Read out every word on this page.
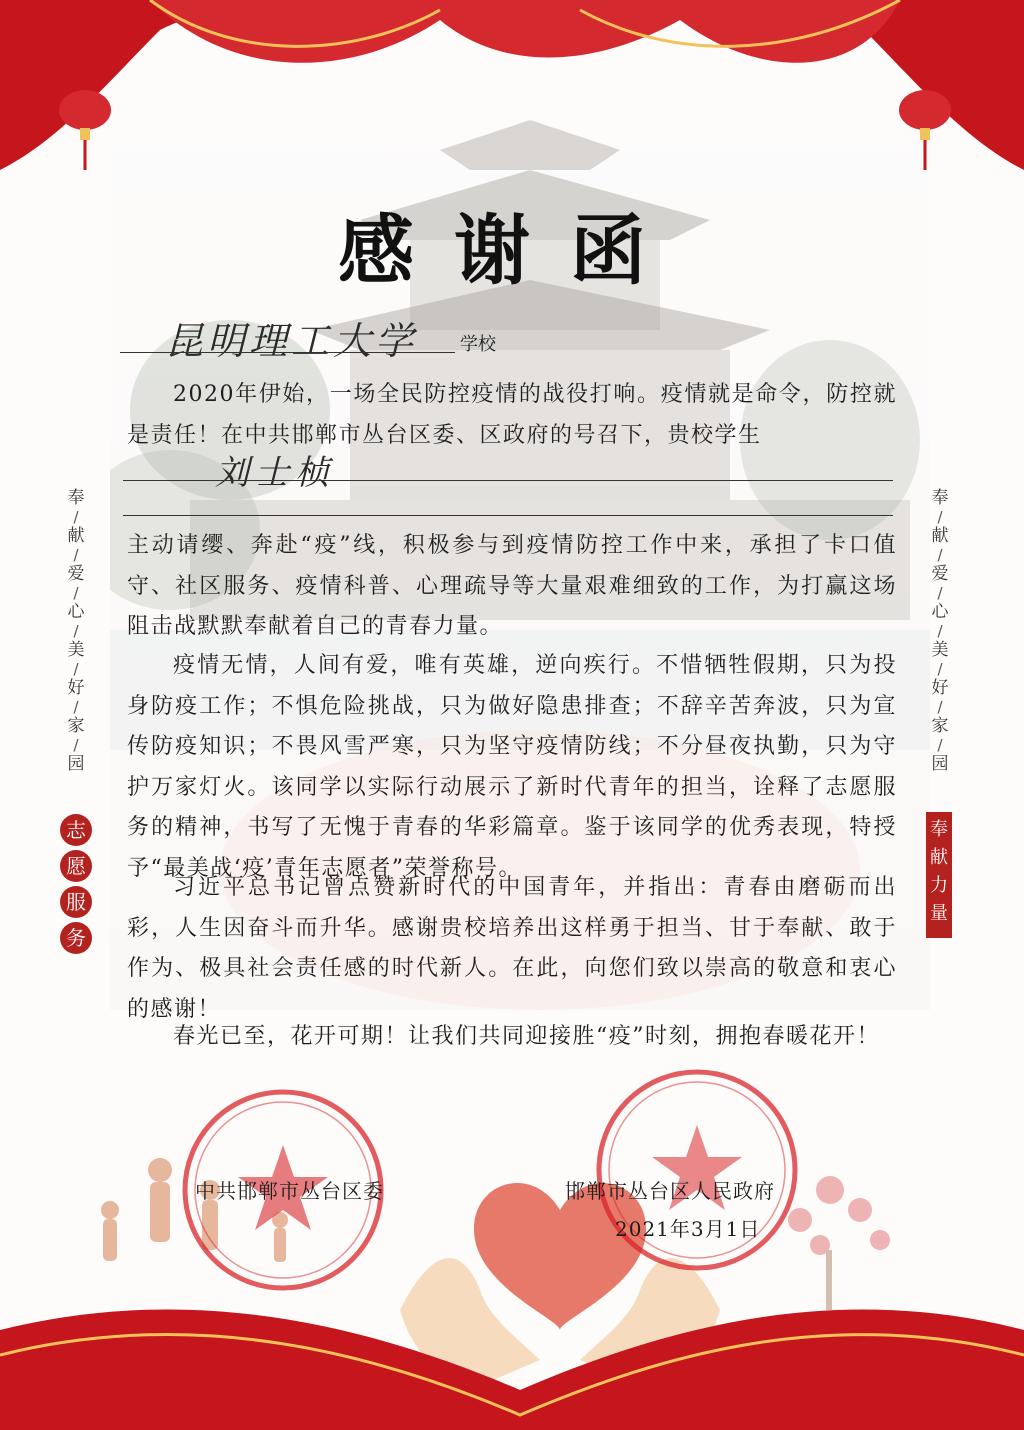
感谢函
昆明理工大学 学校

2020年伊始，一场全民防控疫情的战役打响。疫情就是命令，防控就是责任！在中共邯郸市丛台区委、区政府的号召下，贵校学生

刘士桢

主动请缨、奔赴“疫”线，积极参与到疫情防控工作中来，承担了卡口值守、社区服务、疫情科普、心理疏导等大量艰难细致的工作，为打赢这场阻击战默默奉献着自己的青春力量。

疫情无情，人间有爱，唯有英雄，逆向疾行。不惜牺牲假期，只为投身防疫工作；不惧危险挑战，只为做好隐患排查；不辞辛苦奔波，只为宣传防疫知识；不畏风雪严寒，只为坚守疫情防线；不分昼夜执勤，只为守护万家灯火。该同学以实际行动展示了新时代青年的担当，诠释了志愿服务的精神，书写了无愧于青春的华彩篇章。鉴于该同学的优秀表现，特授予“最美战‘疫’青年志愿者”荣誉称号。

习近平总书记曾点赞新时代的中国青年，并指出：青春由磨砺而出彩，人生因奋斗而升华。感谢贵校培养出这样勇于担当、甘于奉献、敢于作为、极具社会责任感的时代新人。在此，向您们致以崇高的敬意和衷心的感谢！

春光已至，花开可期！让我们共同迎接胜“疫”时刻，拥抱春暖花开！

奉
/
献
/
爱
/
心
/
美
/
好
/
家
/
园
志
愿
服
务
奉
/
献
/
爱
/
心
/
美
/
好
/
家
/
园
奉献力量
中共邯郸市丛台区委	邯郸市丛台区人民政府
2021年3月1日
